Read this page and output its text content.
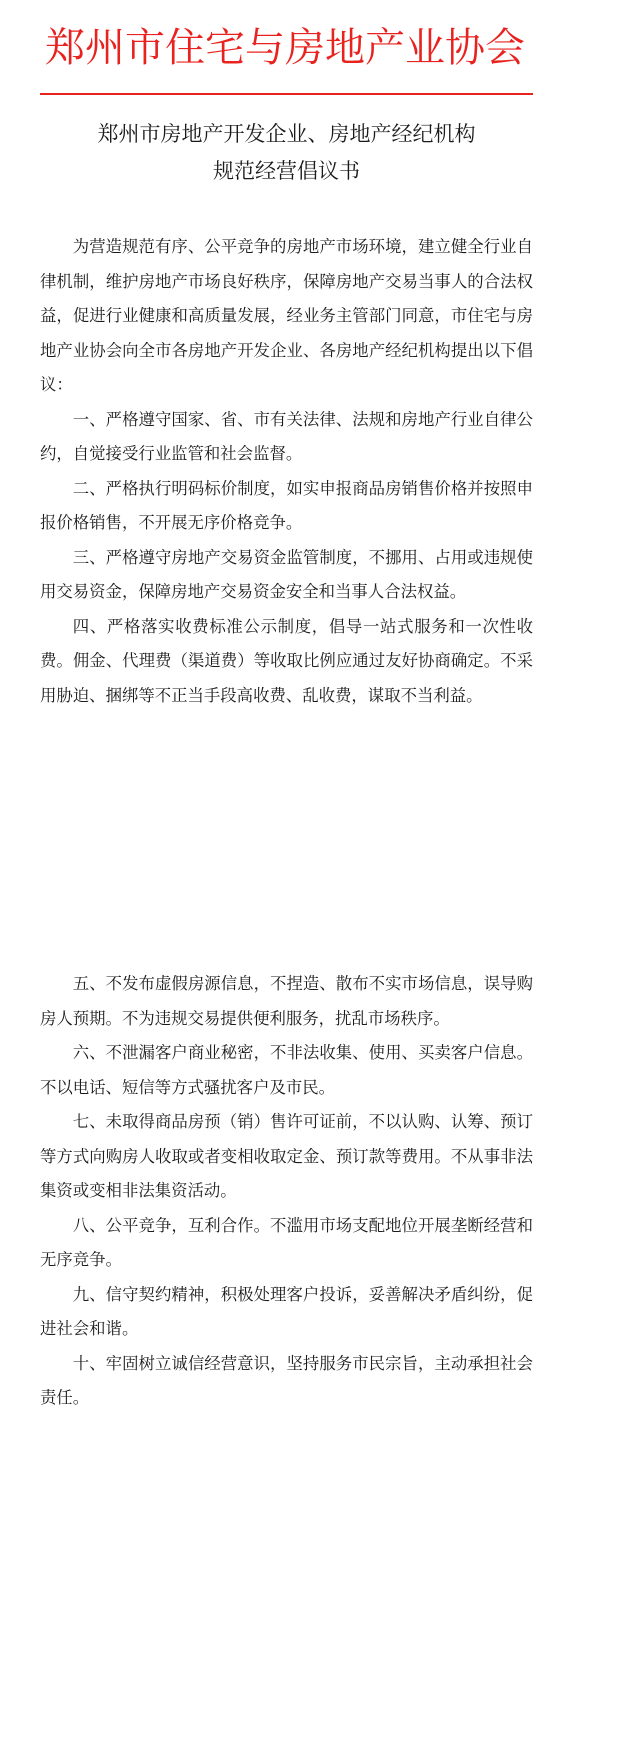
郑州市住宅与房地产业协会
郑州市房地产开发企业、房地产经纪机构
规范经营倡议书

为营造规范有序、公平竞争的房地产市场环境，建立健全行业自律机制，维护房地产市场良好秩序，保障房地产交易当事人的合法权益，促进行业健康和高质量发展，经业务主管部门同意，市住宅与房地产业协会向全市各房地产开发企业、各房地产经纪机构提出以下倡议：

一、严格遵守国家、省、市有关法律、法规和房地产行业自律公约，自觉接受行业监管和社会监督。

二、严格执行明码标价制度，如实申报商品房销售价格并按照申报价格销售，不开展无序价格竞争。

三、严格遵守房地产交易资金监管制度，不挪用、占用或违规使用交易资金，保障房地产交易资金安全和当事人合法权益。

四、严格落实收费标准公示制度，倡导一站式服务和一次性收费。佣金、代理费（渠道费）等收取比例应通过友好协商确定。不采用胁迫、捆绑等不正当手段高收费、乱收费，谋取不当利益。

五、不发布虚假房源信息，不捏造、散布不实市场信息，误导购房人预期。不为违规交易提供便利服务，扰乱市场秩序。

六、不泄漏客户商业秘密，不非法收集、使用、买卖客户信息。不以电话、短信等方式骚扰客户及市民。

七、未取得商品房预（销）售许可证前，不以认购、认筹、预订等方式向购房人收取或者变相收取定金、预订款等费用。不从事非法集资或变相非法集资活动。

八、公平竞争，互利合作。不滥用市场支配地位开展垄断经营和无序竞争。

九、信守契约精神，积极处理客户投诉，妥善解决矛盾纠纷，促进社会和谐。

十、牢固树立诚信经营意识，坚持服务市民宗旨，主动承担社会责任。
